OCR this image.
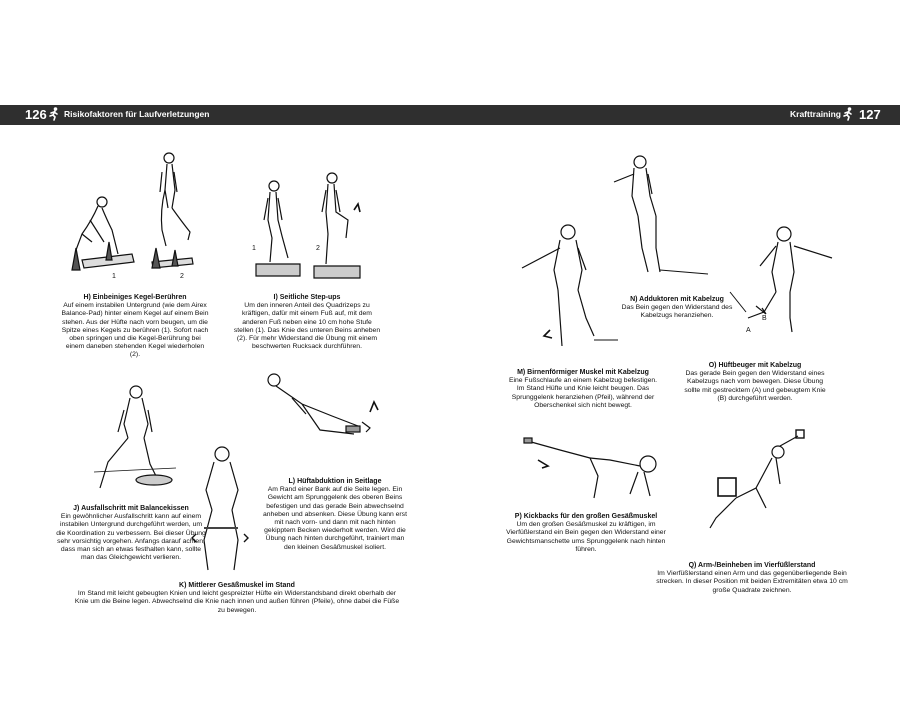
126 Risikofaktoren für Laufverletzungen	Krafttraining 127
1	2
1	2
B
A
H) Einbeiniges Kegel-Berühren
Auf einem instabilen Untergrund (wie dem Airex Balance-Pad) hinter einem Kegel auf einem Bein stehen. Aus der Hüfte nach vorn beugen, um die Spitze eines Kegels zu berühren (1). Sofort nach oben springen und die Kegel-Berührung bei einem daneben stehenden Kegel wiederholen (2).
I) Seitliche Step-ups
Um den inneren Anteil des Quadrizeps zu kräftigen, dafür mit einem Fuß auf, mit dem anderen Fuß neben eine 10 cm hohe Stufe stellen (1). Das Knie des unteren Beins anheben (2). Für mehr Widerstand die Übung mit einem beschwerten Rucksack durchführen.
J) Ausfallschritt mit Balancekissen
Ein gewöhnlicher Ausfallschritt kann auf einem instabilen Untergrund durchgeführt werden, um die Koordination zu verbessern. Bei dieser Übung sehr vorsichtig vorgehen. Anfangs darauf achten, dass man sich an etwas festhalten kann, sollte man das Gleichgewicht verlieren.
L) Hüftabduktion in Seitlage
Am Rand einer Bank auf die Seite legen. Ein Gewicht am Sprunggelenk des oberen Beins befestigen und das gerade Bein abwechselnd anheben und absenken. Diese Übung kann erst mit nach vorn- und dann mit nach hinten gekipptem Becken wiederholt werden. Wird die Übung nach hinten durchgeführt, trainiert man den kleinen Gesäßmuskel isoliert.
K) Mittlerer Gesäßmuskel im Stand
Im Stand mit leicht gebeugten Knien und leicht gespreizter Hüfte ein Widerstandsband direkt oberhalb der Knie um die Beine legen. Abwechselnd die Knie nach innen und außen führen (Pfeile), ohne dabei die Füße zu bewegen.
M) Birnenförmiger Muskel mit Kabelzug
Eine Fußschlaufe an einem Kabelzug befestigen. Im Stand Hüfte und Knie leicht beugen. Das Sprunggelenk heranziehen (Pfeil), während der Oberschenkel sich nicht bewegt.
N) Adduktoren mit Kabelzug
Das Bein gegen den Widerstand des Kabelzugs heranziehen.
O) Hüftbeuger mit Kabelzug
Das gerade Bein gegen den Widerstand eines Kabelzugs nach vorn bewegen. Diese Übung sollte mit gestrecktem (A) und gebeugtem Knie (B) durchgeführt werden.
P) Kickbacks für den großen Gesäßmuskel
Um den großen Gesäßmuskel zu kräftigen, im Vierfüßlerstand ein Bein gegen den Widerstand einer Gewichtsmanschette ums Sprunggelenk nach hinten führen.
Q) Arm-/Beinheben im Vierfüßlerstand
Im Vierfüßlerstand einen Arm und das gegenüberliegende Bein strecken. In dieser Position mit beiden Extremitäten etwa 10 cm große Quadrate zeichnen.
